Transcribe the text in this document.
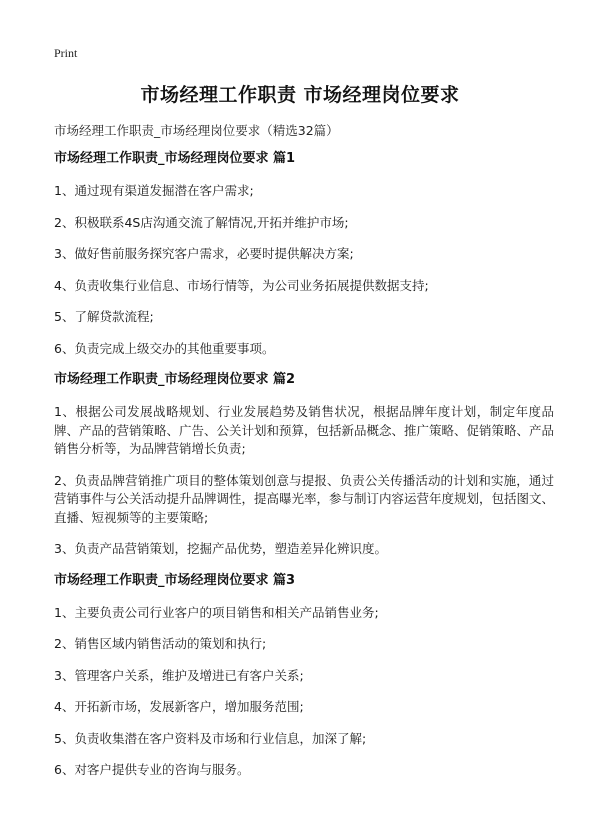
Print
市场经理工作职责 市场经理岗位要求
市场经理工作职责_市场经理岗位要求（精选32篇）
市场经理工作职责_市场经理岗位要求 篇1
1、通过现有渠道发掘潜在客户需求;
2、积极联系4S店沟通交流了解情况,开拓并维护市场;
3、做好售前服务探究客户需求，必要时提供解决方案;
4、负责收集行业信息、市场行情等，为公司业务拓展提供数据支持;
5、了解贷款流程;
6、负责完成上级交办的其他重要事项。
市场经理工作职责_市场经理岗位要求 篇2
1、根据公司发展战略规划、行业发展趋势及销售状况，根据品牌年度计划，制定年度品牌、产品的营销策略、广告、公关计划和预算，包括新品概念、推广策略、促销策略、产品销售分析等，为品牌营销增长负责;
2、负责品牌营销推广项目的整体策划创意与提报、负责公关传播活动的计划和实施，通过营销事件与公关活动提升品牌调性，提高曝光率，参与制订内容运营年度规划，包括图文、直播、短视频等的主要策略;
3、负责产品营销策划，挖掘产品优势，塑造差异化辨识度。
市场经理工作职责_市场经理岗位要求 篇3
1、主要负责公司行业客户的项目销售和相关产品销售业务;
2、销售区域内销售活动的策划和执行;
3、管理客户关系，维护及增进已有客户关系;
4、开拓新市场，发展新客户，增加服务范围;
5、负责收集潜在客户资料及市场和行业信息，加深了解;
6、对客户提供专业的咨询与服务。
